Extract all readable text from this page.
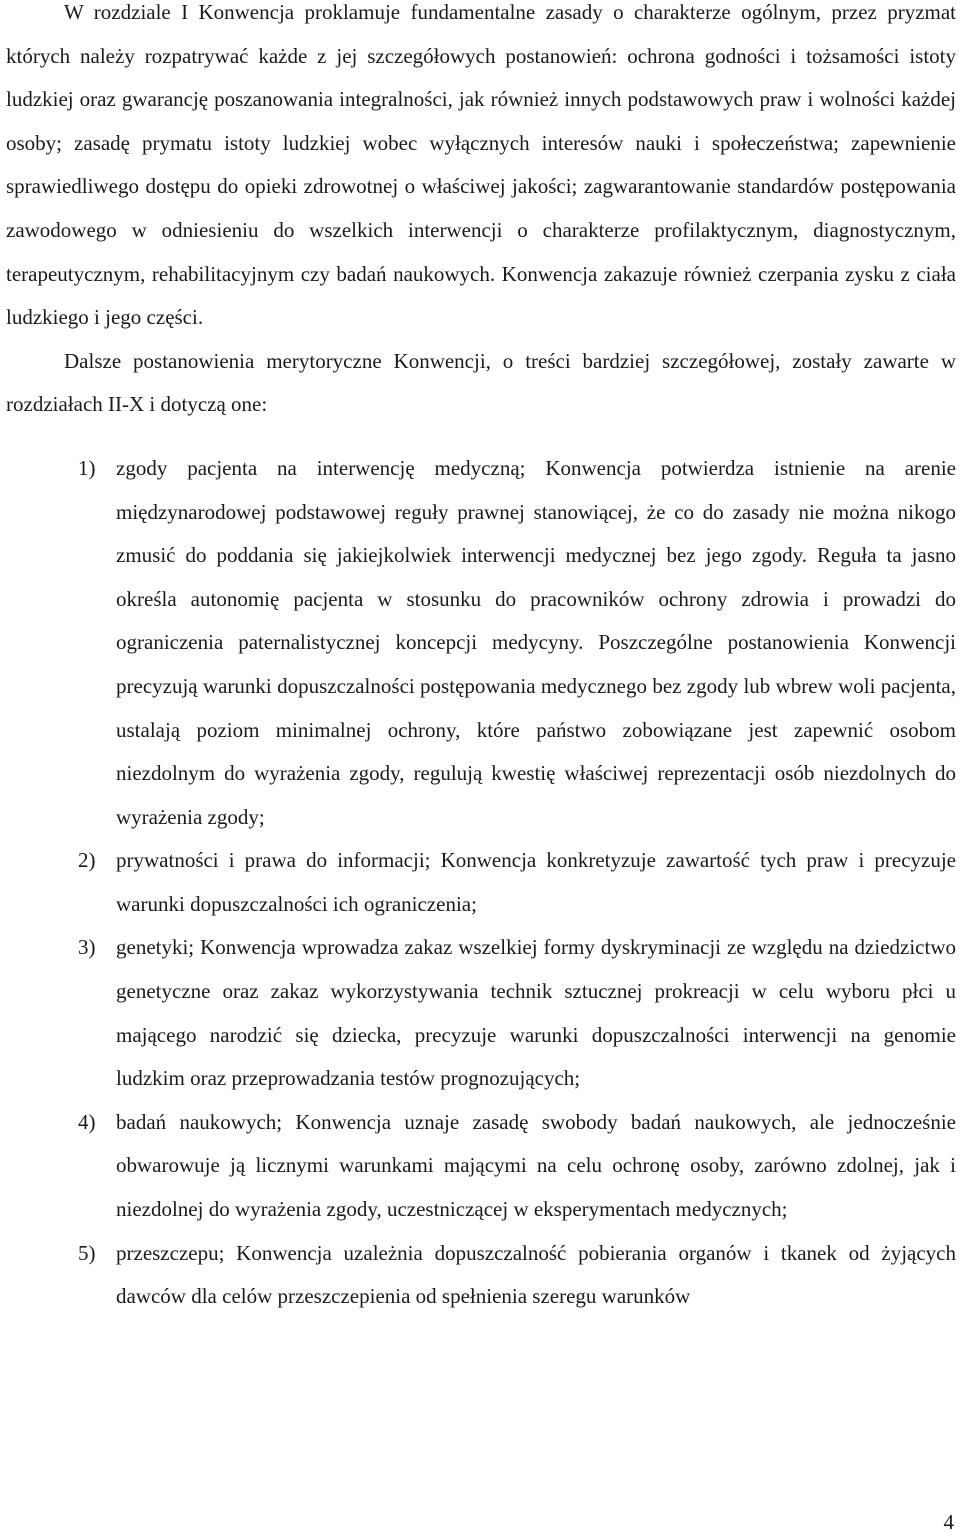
W rozdziale I Konwencja proklamuje fundamentalne zasady o charakterze ogólnym, przez pryzmat których należy rozpatrywać każde z jej szczegółowych postanowień: ochrona godności i tożsamości istoty ludzkiej oraz gwarancję poszanowania integralności, jak również innych podstawowych praw i wolności każdej osoby; zasadę prymatu istoty ludzkiej wobec wyłącznych interesów nauki i społeczeństwa; zapewnienie sprawiedliwego dostępu do opieki zdrowotnej o właściwej jakości; zagwarantowanie standardów postępowania zawodowego w odniesieniu do wszelkich interwencji o charakterze profilaktycznym, diagnostycznym, terapeutycznym, rehabilitacyjnym czy badań naukowych. Konwencja zakazuje również czerpania zysku z ciała ludzkiego i jego części.

Dalsze postanowienia merytoryczne Konwencji, o treści bardziej szczegółowej, zostały zawarte w rozdziałach II-X i dotyczą one:

1) zgody pacjenta na interwencję medyczną; Konwencja potwierdza istnienie na arenie międzynarodowej podstawowej reguły prawnej stanowiącej, że co do zasady nie można nikogo zmusić do poddania się jakiejkolwiek interwencji medycznej bez jego zgody. Reguła ta jasno określa autonomię pacjenta w stosunku do pracowników ochrony zdrowia i prowadzi do ograniczenia paternalistycznej koncepcji medycyny. Poszczególne postanowienia Konwencji precyzują warunki dopuszczalności postępowania medycznego bez zgody lub wbrew woli pacjenta, ustalają poziom minimalnej ochrony, które państwo zobowiązane jest zapewnić osobom niezdolnym do wyrażenia zgody, regulują kwestię właściwej reprezentacji osób niezdolnych do wyrażenia zgody;
2) prywatności i prawa do informacji; Konwencja konkretyzuje zawartość tych praw i precyzuje warunki dopuszczalności ich ograniczenia;
3) genetyki; Konwencja wprowadza zakaz wszelkiej formy dyskryminacji ze względu na dziedzictwo genetyczne oraz zakaz wykorzystywania technik sztucznej prokreacji w celu wyboru płci u mającego narodzić się dziecka, precyzuje warunki dopuszczalności interwencji na genomie ludzkim oraz przeprowadzania testów prognozujących;
4) badań naukowych; Konwencja uznaje zasadę swobody badań naukowych, ale jednocześnie obwarowuje ją licznymi warunkami mającymi na celu ochronę osoby, zarówno zdolnej, jak i niezdolnej do wyrażenia zgody, uczestniczącej w eksperymentach medycznych;
5) przeszczepu; Konwencja uzależnia dopuszczalność pobierania organów i tkanek od żyjących dawców dla celów przeszczepienia od spełnienia szeregu warunków
4
